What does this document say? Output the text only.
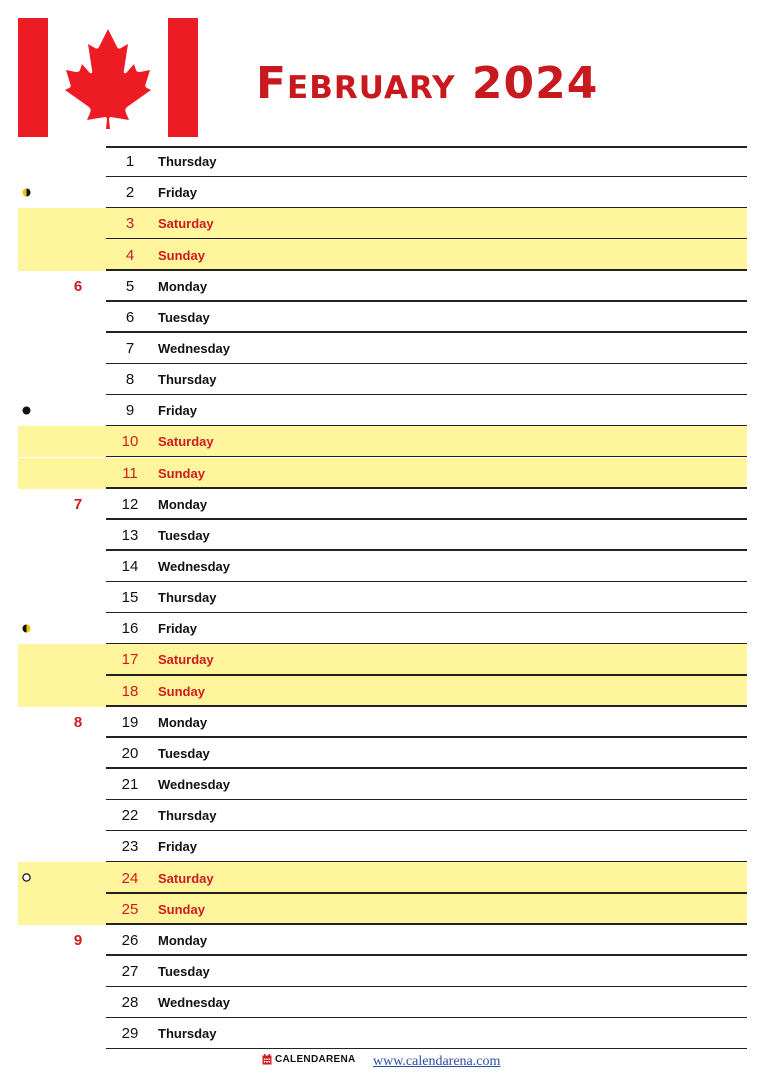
February 2024
1	Thursday
2	Friday
3	Saturday
4	Sunday
6	5	Monday
6	Tuesday
7	Wednesday
8	Thursday
9	Friday
10	Saturday
11	Sunday
7	12	Monday
13	Tuesday
14	Wednesday
15	Thursday
16	Friday
17	Saturday
18	Sunday
8	19	Monday
20	Tuesday
21	Wednesday
22	Thursday
23	Friday
24	Saturday
25	Sunday
9	26	Monday
27	Tuesday
28	Wednesday
29	Thursday
CALENDARENA www.calendarena.com
